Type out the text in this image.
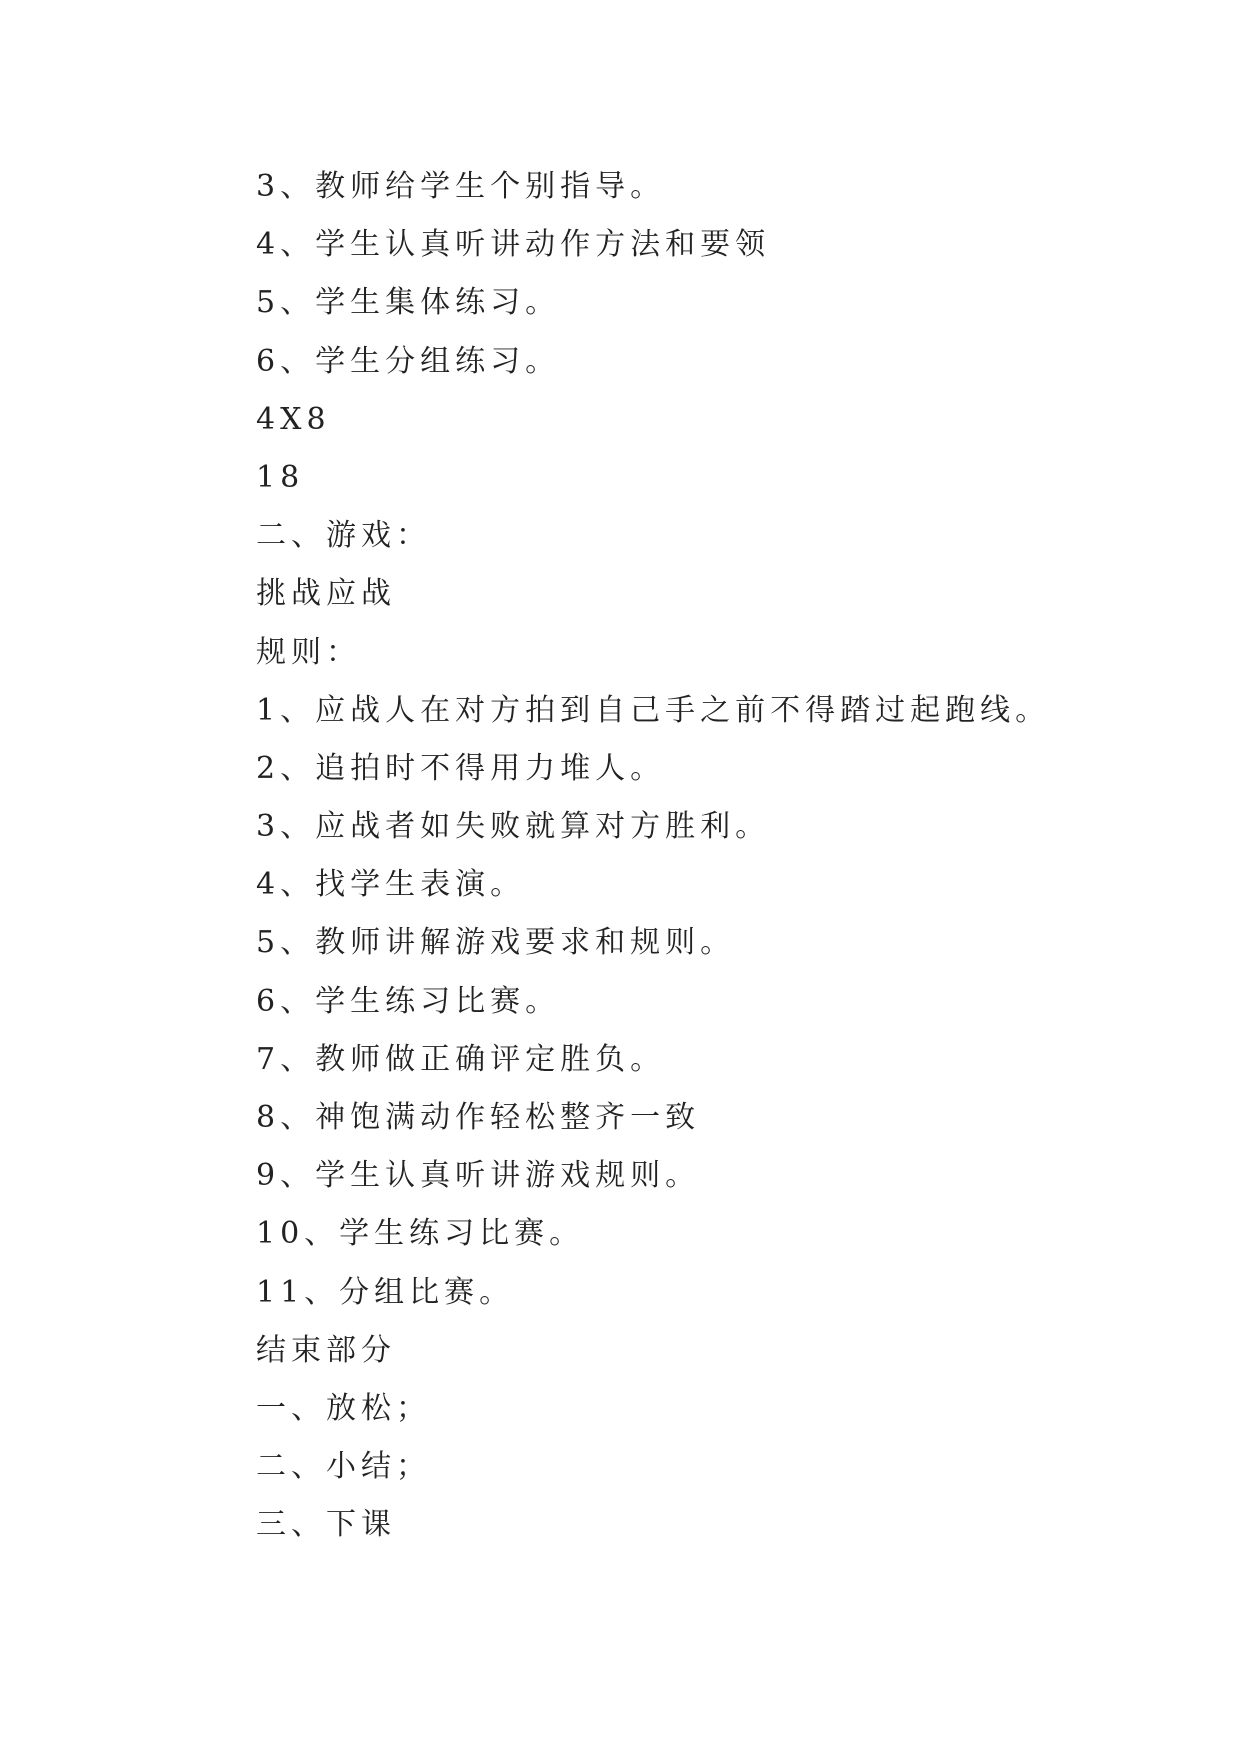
3、教师给学生个别指导。
4、学生认真听讲动作方法和要领
5、学生集体练习。
6、学生分组练习。
4X8
18
二、游戏：
挑战应战
规则：
1、应战人在对方拍到自己手之前不得踏过起跑线。
2、追拍时不得用力堆人。
3、应战者如失败就算对方胜利。
4、找学生表演。
5、教师讲解游戏要求和规则。
6、学生练习比赛。
7、教师做正确评定胜负。
8、神饱满动作轻松整齐一致
9、学生认真听讲游戏规则。
10、学生练习比赛。
11、分组比赛。
结束部分
一、放松；
二、小结；
三、下课
